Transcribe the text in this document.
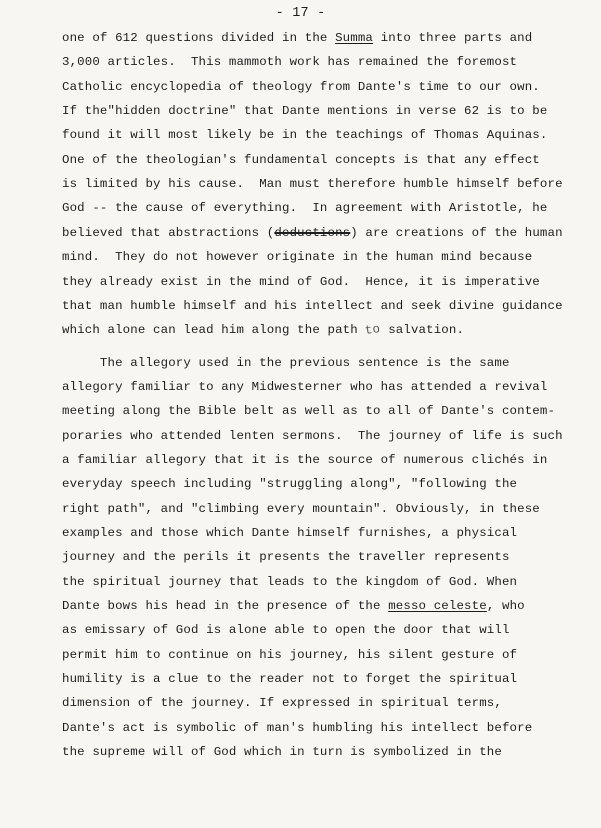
- 17 -
one of 612 questions divided in the Summa into three parts and
3,000 articles.  This mammoth work has remained the foremost
Catholic encyclopedia of theology from Dante's time to our own.
If the"hidden doctrine" that Dante mentions in verse 62 is to be
found it will most likely be in the teachings of Thomas Aquinas.
One of the theologian's fundamental concepts is that any effect
is limited by his cause.  Man must therefore humble himself before
God -- the cause of everything.  In agreement with Aristotle, he
believed that abstractions (deductions) are creations of the human
mind.  They do not however originate in the human mind because
they already exist in the mind of God.  Hence, it is imperative
that man humble himself and his intellect and seek divine guidance
which alone can lead him along the path to salvation.
The allegory used in the previous sentence is the same
allegory familiar to any Midwesterner who has attended a revival
meeting along the Bible belt as well as to all of Dante's contem-
poraries who attended lenten sermons.  The journey of life is such
a familiar allegory that it is the source of numerous clichés in
everyday speech including "struggling along", "following the
right path", and "climbing every mountain". Obviously, in these
examples and those which Dante himself furnishes, a physical
journey and the perils it presents the traveller represents
the spiritual journey that leads to the kingdom of God. When
Dante bows his head in the presence of the messo celeste, who
as emissary of God is alone able to open the door that will
permit him to continue on his journey, his silent gesture of
humility is a clue to the reader not to forget the spiritual
dimension of the journey. If expressed in spiritual terms,
Dante's act is symbolic of man's humbling his intellect before
the supreme will of God which in turn is symbolized in the
